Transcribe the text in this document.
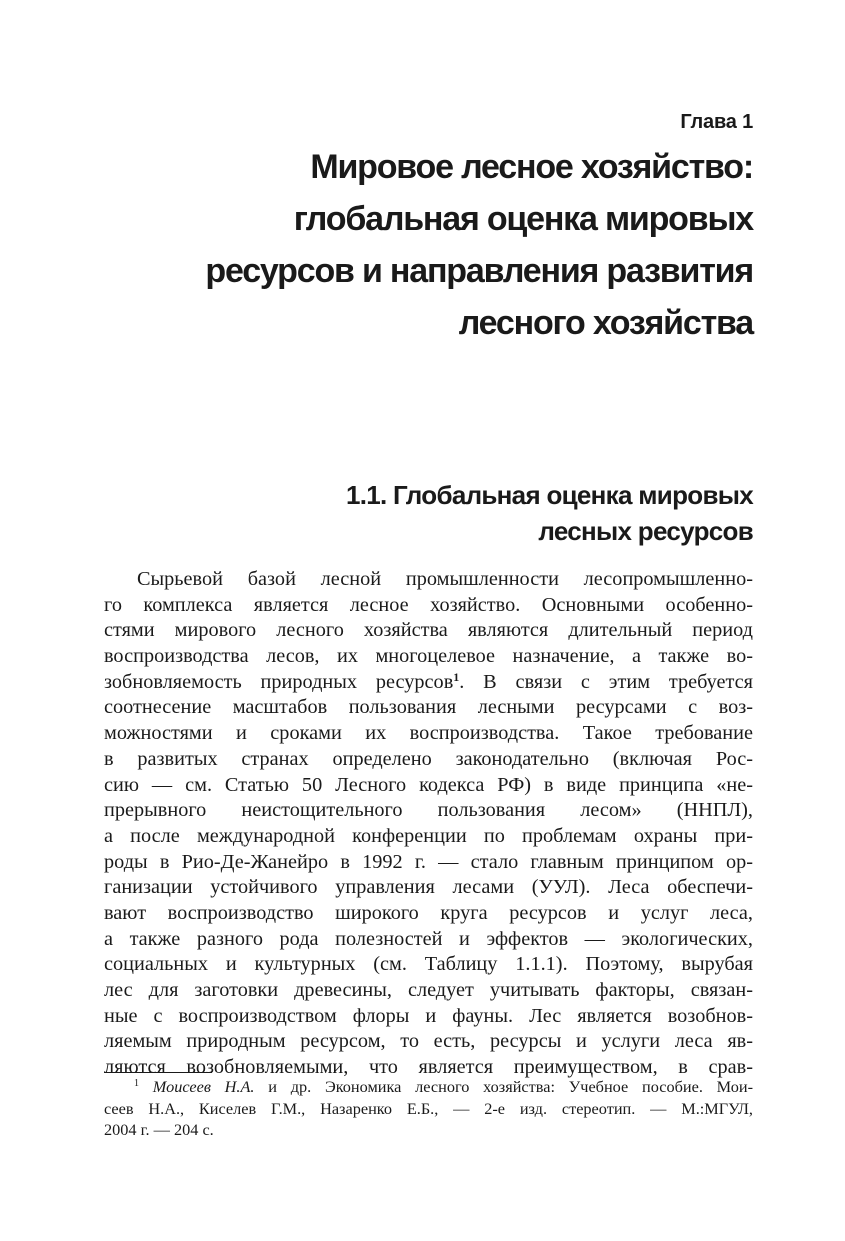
Глава 1
Мировое лесное хозяйство:
глобальная оценка мировых
ресурсов и направления развития
лесного хозяйства
1.1. Глобальная оценка мировых
лесных ресурсов
Сырьевой базой лесной промышленности лесопромышленно-
го комплекса является лесное хозяйство. Основными особенно-
стями мирового лесного хозяйства являются длительный период
воспроизводства лесов, их многоцелевое назначение, а также во-
зобновляемость природных ресурсов$^1$. В связи с этим требуется
соотнесение масштабов пользования лесными ресурсами с воз-
можностями и сроками их воспроизводства. Такое требование
в развитых странах определено законодательно (включая Рос-
сию — см. Статью 50 Лесного кодекса РФ) в виде принципа «не-
прерывного неистощительного пользования лесом» (ННПЛ),
а после международной конференции по проблемам охраны при-
роды в Рио-Де-Жанейро в 1992 г. — стало главным принципом ор-
ганизации устойчивого управления лесами (УУЛ). Леса обеспечи-
вают воспроизводство широкого круга ресурсов и услуг леса,
а также разного рода полезностей и эффектов — экологических,
социальных и культурных (см. Таблицу 1.1.1). Поэтому, вырубая
лес для заготовки древесины, следует учитывать факторы, связан-
ные с воспроизводством флоры и фауны. Лес является возобнов-
ляемым природным ресурсом, то есть, ресурсы и услуги леса яв-
ляются возобновляемыми, что является преимуществом, в срав-
$^1$ Моисеев Н.А. и др. Экономика лесного хозяйства: Учебное пособие. Мои-
сеев Н.А., Киселев Г.М., Назаренко Е.Б., — 2-е изд. стереотип. — М.:МГУЛ,
2004 г. — 204 с.
